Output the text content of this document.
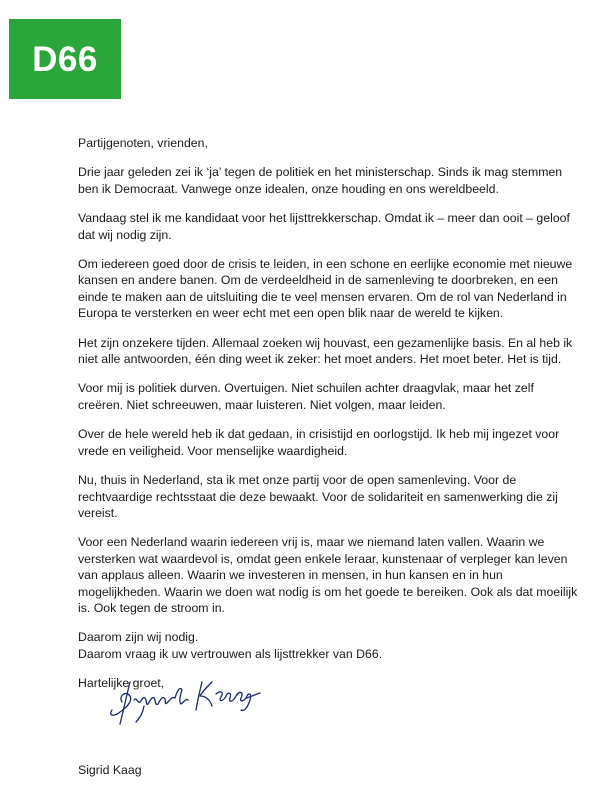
D66

Partijgenoten, vrienden,

Drie jaar geleden zei ik ‘ja’ tegen de politiek en het ministerschap. Sinds ik mag stemmen ben ik Democraat. Vanwege onze idealen, onze houding en ons wereldbeeld.

Vandaag stel ik me kandidaat voor het lijsttrekkerschap. Omdat ik – meer dan ooit – geloof dat wij nodig zijn.

Om iedereen goed door de crisis te leiden, in een schone en eerlijke economie met nieuwe kansen en andere banen. Om de verdeeldheid in de samenleving te doorbreken, en een einde te maken aan de uitsluiting die te veel mensen ervaren. Om de rol van Nederland in Europa te versterken en weer echt met een open blik naar de wereld te kijken.

Het zijn onzekere tijden. Allemaal zoeken wij houvast, een gezamenlijke basis. En al heb ik niet alle antwoorden, één ding weet ik zeker: het moet anders. Het moet beter. Het is tijd.

Voor mij is politiek durven. Overtuigen. Niet schuilen achter draagvlak, maar het zelf creëren. Niet schreeuwen, maar luisteren. Niet volgen, maar leiden.

Over de hele wereld heb ik dat gedaan, in crisistijd en oorlogstijd. Ik heb mij ingezet voor vrede en veiligheid. Voor menselijke waardigheid.

Nu, thuis in Nederland, sta ik met onze partij voor de open samenleving. Voor de rechtvaardige rechtsstaat die deze bewaakt. Voor de solidariteit en samenwerking die zij vereist.

Voor een Nederland waarin iedereen vrij is, maar we niemand laten vallen. Waarin we versterken wat waardevol is, omdat geen enkele leraar, kunstenaar of verpleger kan leven van applaus alleen. Waarin we investeren in mensen, in hun kansen en in hun mogelijkheden. Waarin we doen wat nodig is om het goede te bereiken. Ook als dat moeilijk is. Ook tegen de stroom in.

Daarom zijn wij nodig.
Daarom vraag ik uw vertrouwen als lijsttrekker van D66.

Hartelijke groet,

Sigrid Kaag
